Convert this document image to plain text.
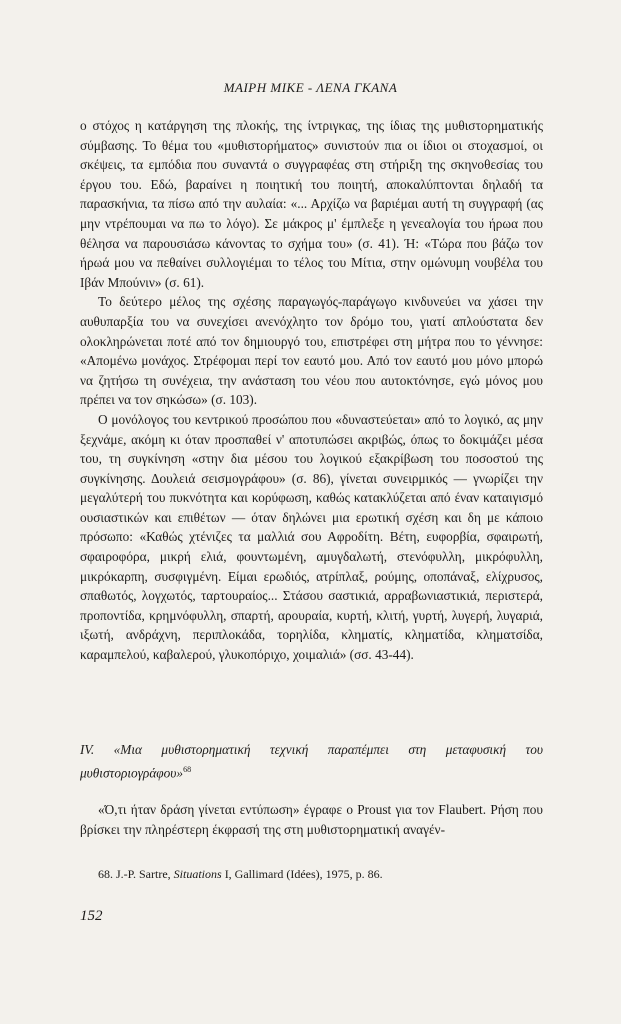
ΜΑΙΡΗ ΜΙΚΕ - ΛΕΝΑ ΓΚΑΝΑ

ο στόχος η κατάργηση της πλοκής, της ίντριγκας, της ίδιας της μυθιστορηματικής σύμβασης. Το θέμα του «μυθιστορήματος» συνιστούν πια οι ίδιοι οι στοχασμοί, οι σκέψεις, τα εμπόδια που συναντά ο συγγραφέας στη στήριξη της σκηνοθεσίας του έργου του. Εδώ, βαραίνει η ποιητική του ποιητή, αποκαλύπτονται δηλαδή τα παρασκήνια, τα πίσω από την αυλαία: «... Αρχίζω να βαριέμαι αυτή τη συγγραφή (ας μην ντρέπουμαι να πω το λόγο). Σε μάκρος μ' έμπλεξε η γενεαλογία του ήρωα που θέλησα να παρουσιάσω κάνοντας το σχήμα του» (σ. 41). Ή: «Τώρα που βάζω τον ήρωά μου να πεθαίνει συλλογιέμαι το τέλος του Μίτια, στην ομώνυμη νουβέλα του Ιβάν Μπούνιν» (σ. 61).

Το δεύτερο μέλος της σχέσης παραγωγός-παράγωγο κινδυνεύει να χάσει την αυθυπαρξία του να συνεχίσει ανενόχλητο τον δρόμο του, γιατί απλούστατα δεν ολοκληρώνεται ποτέ από τον δημιουργό του, επιστρέφει στη μήτρα που το γέννησε: «Απομένω μονάχος. Στρέφομαι περί τον εαυτό μου. Από τον εαυτό μου μόνο μπορώ να ζητήσω τη συνέχεια, την ανάσταση του νέου που αυτοκτόνησε, εγώ μόνος μου πρέπει να τον σηκώσω» (σ. 103).

Ο μονόλογος του κεντρικού προσώπου που «δυναστεύεται» από το λογικό, ας μην ξεχνάμε, ακόμη κι όταν προσπαθεί ν' αποτυπώσει ακριβώς, όπως το δοκιμάζει μέσα του, τη συγκίνηση «στην δια μέσου του λογικού εξακρίβωση του ποσοστού της συγκίνησης. Δουλειά σεισμογράφου» (σ. 86), γίνεται συνειρμικός — γνωρίζει την μεγαλύτερή του πυκνότητα και κορύφωση, καθώς κατακλύζεται από έναν καταιγισμό ουσιαστικών και επιθέτων — όταν δηλώνει μια ερωτική σχέση και δη με κάποιο πρόσωπο: «Καθώς χτένιζες τα μαλλιά σου Αφροδίτη. Βέτη, ευφορβία, σφαιρωτή, σφαιροφόρα, μικρή ελιά, φουντωμένη, αμυγδαλωτή, στενόφυλλη, μικρόφυλλη, μικρόκαρπη, συσφιγμένη. Είμαι ερωδιός, ατρίπλαξ, ρούμης, οποπάναξ, ελίχρυσος, σπαθωτός, λογχωτός, ταρτουραίος... Στάσου σαστικιά, αρραβωνιαστικιά, περιστερά, προποντίδα, κρημνόφυλλη, σπαρτή, αρουραία, κυρτή, κλιτή, γυρτή, λυγερή, λυγαριά, ιξωτή, ανδράχνη, περιπλοκάδα, τορηλίδα, κληματίς, κληματίδα, κληματσίδα, καραμπελού, καβαλερού, γλυκοπόριχο, χοιμαλιά» (σσ. 43-44).

IV. «Μια μυθιστορηματική τεχνική παραπέμπει στη μεταφυσική του μυθιστοριογράφου»$^{68}$
«Ό,τι ήταν δράση γίνεται εντύπωση» έγραφε ο Proust για τον Flaubert. Ρήση που βρίσκει την πληρέστερη έκφρασή της στη μυθιστορηματική αναγέν-
68. J.-P. Sartre, Situations I, Gallimard (Idées), 1975, p. 86.
152
